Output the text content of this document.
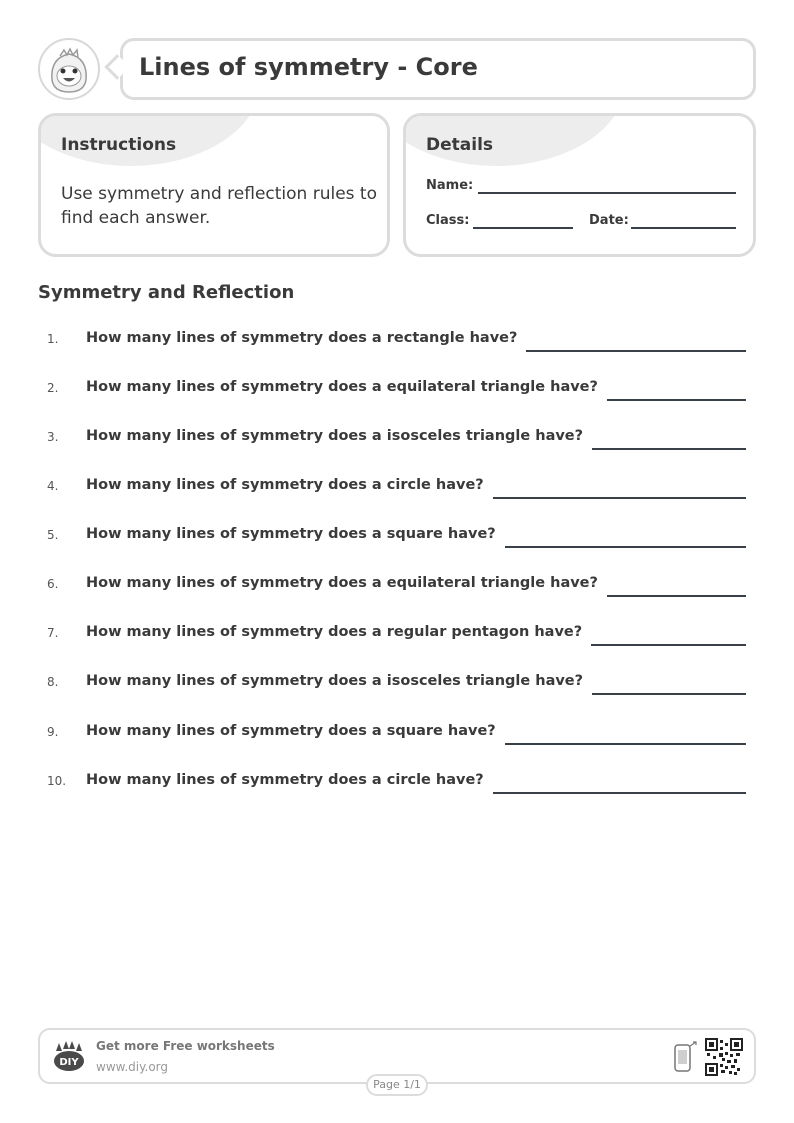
Lines of symmetry - Core
Instructions
Use symmetry and reflection rules to find each answer.
Details
Name:
Class:	Date:
Symmetry and Reflection
1. How many lines of symmetry does a rectangle have?
2. How many lines of symmetry does a equilateral triangle have?
3. How many lines of symmetry does a isosceles triangle have?
4. How many lines of symmetry does a circle have?
5. How many lines of symmetry does a square have?
6. How many lines of symmetry does a equilateral triangle have?
7. How many lines of symmetry does a regular pentagon have?
8. How many lines of symmetry does a isosceles triangle have?
9. How many lines of symmetry does a square have?
10. How many lines of symmetry does a circle have?
DIY
Get more Free worksheets
www.diy.org
Page 1/1
